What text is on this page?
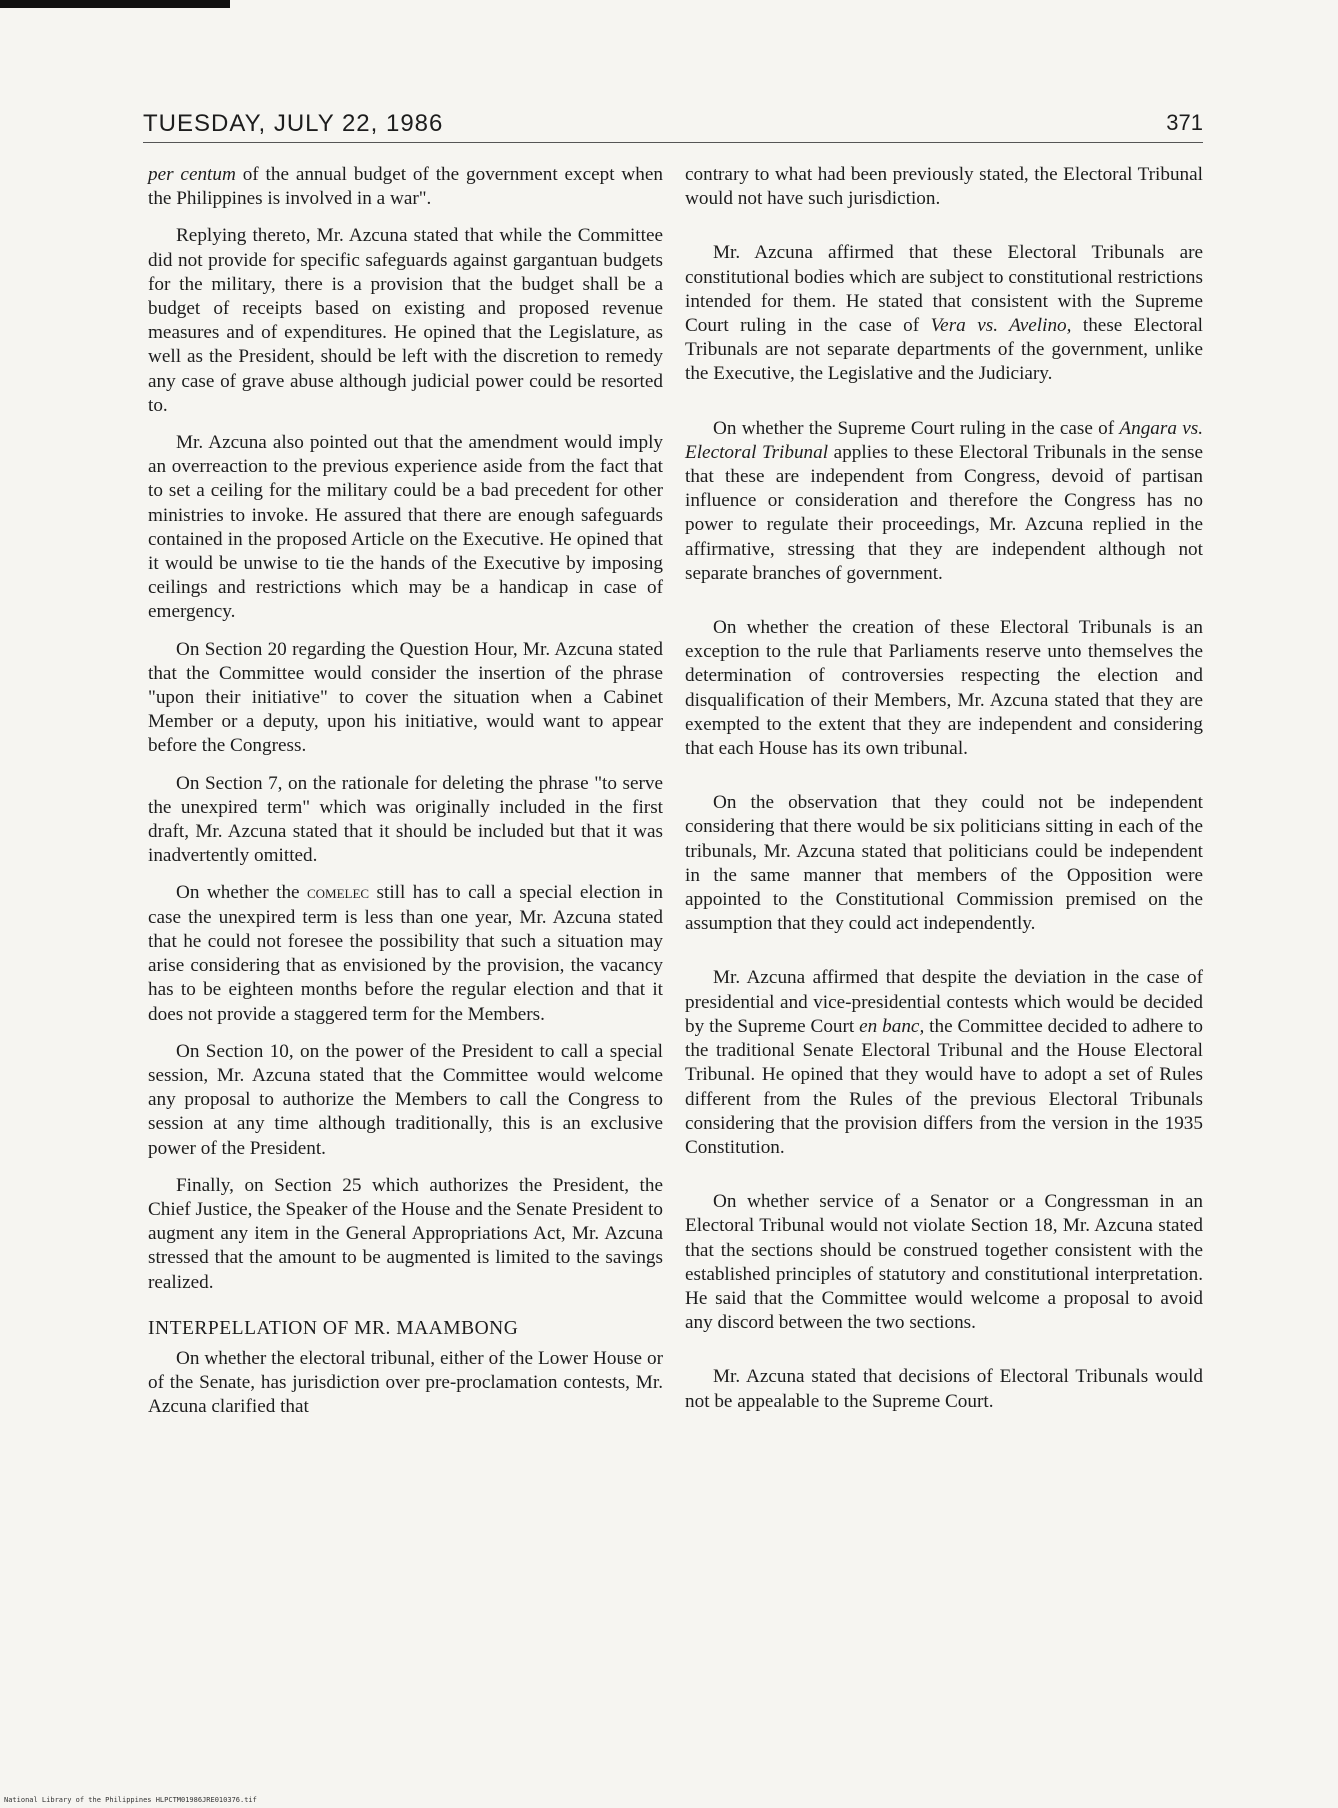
TUESDAY, JULY 22, 1986	371

per centum of the annual budget of the government except when the Philippines is involved in a war".

Replying thereto, Mr. Azcuna stated that while the Committee did not provide for specific safeguards against gargantuan budgets for the military, there is a provision that the budget shall be a budget of receipts based on existing and proposed revenue measures and of expenditures. He opined that the Legislature, as well as the President, should be left with the discretion to remedy any case of grave abuse although judicial power could be resorted to.

Mr. Azcuna also pointed out that the amendment would imply an overreaction to the previous experience aside from the fact that to set a ceiling for the military could be a bad precedent for other ministries to invoke. He assured that there are enough safeguards contained in the proposed Article on the Executive. He opined that it would be unwise to tie the hands of the Executive by imposing ceilings and restrictions which may be a handicap in case of emergency.

On Section 20 regarding the Question Hour, Mr. Azcuna stated that the Committee would consider the insertion of the phrase "upon their initiative" to cover the situation when a Cabinet Member or a deputy, upon his initiative, would want to appear before the Congress.

On Section 7, on the rationale for deleting the phrase "to serve the unexpired term" which was originally included in the first draft, Mr. Azcuna stated that it should be included but that it was inadvertently omitted.

On whether the comelec still has to call a special election in case the unexpired term is less than one year, Mr. Azcuna stated that he could not foresee the possibility that such a situation may arise considering that as envisioned by the provision, the vacancy has to be eighteen months before the regular election and that it does not provide a staggered term for the Members.

On Section 10, on the power of the President to call a special session, Mr. Azcuna stated that the Committee would welcome any proposal to authorize the Members to call the Congress to session at any time although traditionally, this is an exclusive power of the President.

Finally, on Section 25 which authorizes the President, the Chief Justice, the Speaker of the House and the Senate President to augment any item in the General Appropriations Act, Mr. Azcuna stressed that the amount to be augmented is limited to the savings realized.

INTERPELLATION OF MR. MAAMBONG

On whether the electoral tribunal, either of the Lower House or of the Senate, has jurisdiction over pre-proclamation contests, Mr. Azcuna clarified that

contrary to what had been previously stated, the Electoral Tribunal would not have such jurisdiction.

Mr. Azcuna affirmed that these Electoral Tribunals are constitutional bodies which are subject to constitutional restrictions intended for them. He stated that consistent with the Supreme Court ruling in the case of Vera vs. Avelino, these Electoral Tribunals are not separate departments of the government, unlike the Executive, the Legislative and the Judiciary.

On whether the Supreme Court ruling in the case of Angara vs. Electoral Tribunal applies to these Electoral Tribunals in the sense that these are independent from Congress, devoid of partisan influence or consideration and therefore the Congress has no power to regulate their proceedings, Mr. Azcuna replied in the affirmative, stressing that they are independent although not separate branches of government.

On whether the creation of these Electoral Tribunals is an exception to the rule that Parliaments reserve unto themselves the determination of controversies respecting the election and disqualification of their Members, Mr. Azcuna stated that they are exempted to the extent that they are independent and considering that each House has its own tribunal.

On the observation that they could not be independent considering that there would be six politicians sitting in each of the tribunals, Mr. Azcuna stated that politicians could be independent in the same manner that members of the Opposition were appointed to the Constitutional Commission premised on the assumption that they could act independently.

Mr. Azcuna affirmed that despite the deviation in the case of presidential and vice-presidential contests which would be decided by the Supreme Court en banc, the Committee decided to adhere to the traditional Senate Electoral Tribunal and the House Electoral Tribunal. He opined that they would have to adopt a set of Rules different from the Rules of the previous Electoral Tribunals considering that the provision differs from the version in the 1935 Constitution.

On whether service of a Senator or a Congressman in an Electoral Tribunal would not violate Section 18, Mr. Azcuna stated that the sections should be construed together consistent with the established principles of statutory and constitutional interpretation. He said that the Committee would welcome a proposal to avoid any discord between the two sections.

Mr. Azcuna stated that decisions of Electoral Tribunals would not be appealable to the Supreme Court.

National Library of the Philippines HLPCTM01986JRE010376.tif
